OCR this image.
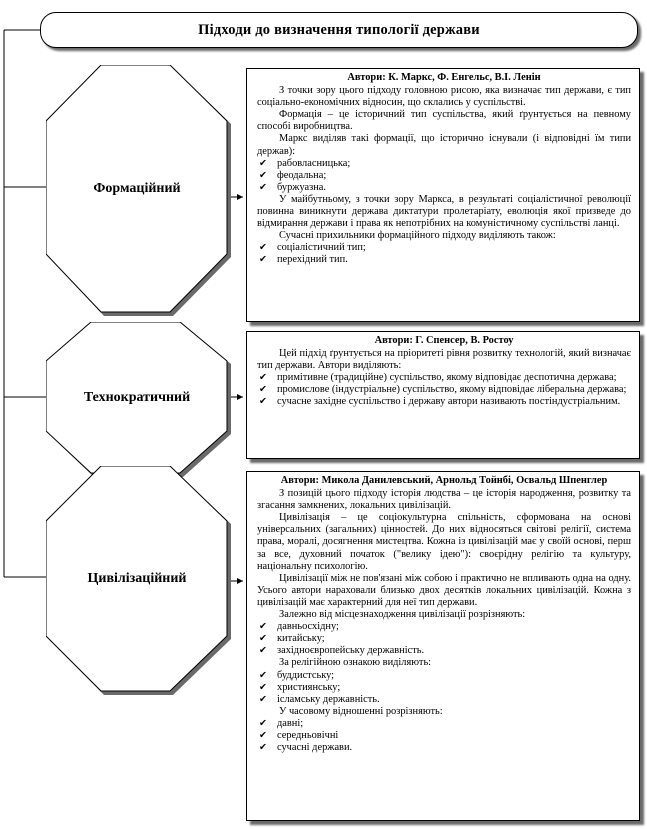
Підходи до визначення типології держави
Формаційний
Технократичний
Цивілізаційний
Автори: К. Маркс, Ф. Енгельс, В.І. Ленін

З точки зору цього підходу головною рисою, яка визначає тип держави, є тип соціально-економічних відносин, що склались у суспільстві.

Формація – це історичний тип суспільства, який ґрунтується на певному способі виробництва.

Маркс виділяв такі формації, що історично існували (і відповідні їм типи держав):

✔ рабовласницька;
✔ феодальна;
✔ буржуазна.

У майбутньому, з точки зору Маркса, в результаті соціалістичної революції повинна виникнути держава диктатури пролетаріату, еволюція якої призведе до відмирання держави і права як непотрібних на комуністичному суспільстві ланці.

Сучасні прихильники формаційного підходу виділяють також:

✔ соціалістичний тип;
✔ перехідний тип.
Автори: Г. Спенсер, В. Ростоу

Цей підхід ґрунтується на пріоритеті рівня розвитку технологій, який визначає тип держави. Автори виділяють:

✔ примітивне (традиційне) суспільство, якому відповідає деспотична держава;
✔ промислове (індустріальне) суспільство, якому відповідає ліберальна держава;
✔ сучасне західне суспільство і державу автори називають постіндустріальним.
Автори: Микола Данилевський, Арнольд Тойнбі, Освальд Шпенглер

З позицій цього підходу історія людства – це історія народження, розвитку та згасання замкнених, локальних цивілізацій.

Цивілізація – це соціокультурна спільність, сформована на основі універсальних (загальних) цінностей. До них відносяться світові релігії, система права, моралі, досягнення мистецтва. Кожна із цивілізацій має у своїй основі, перш за все, духовний початок ("велику ідею"): своєрідну релігію та культуру, національну психологію.

Цивілізації між не пов'язані між собою і практично не впливають одна на одну. Усього автори нараховали близько двох десятків локальних цивілізацій. Кожна з цивілізацій має характерний для неї тип держави.

Залежно від місцезнаходження цивілізації розрізняють:

✔ давньосхідну;
✔ китайську;
✔ західноєвропейську державність.

За релігійною ознакою виділяють:

✔ буддистську;
✔ християнську;
✔ ісламську державність.

У часовому відношенні розрізняють:

✔ давні;
✔ середньовічні
✔ сучасні держави.
